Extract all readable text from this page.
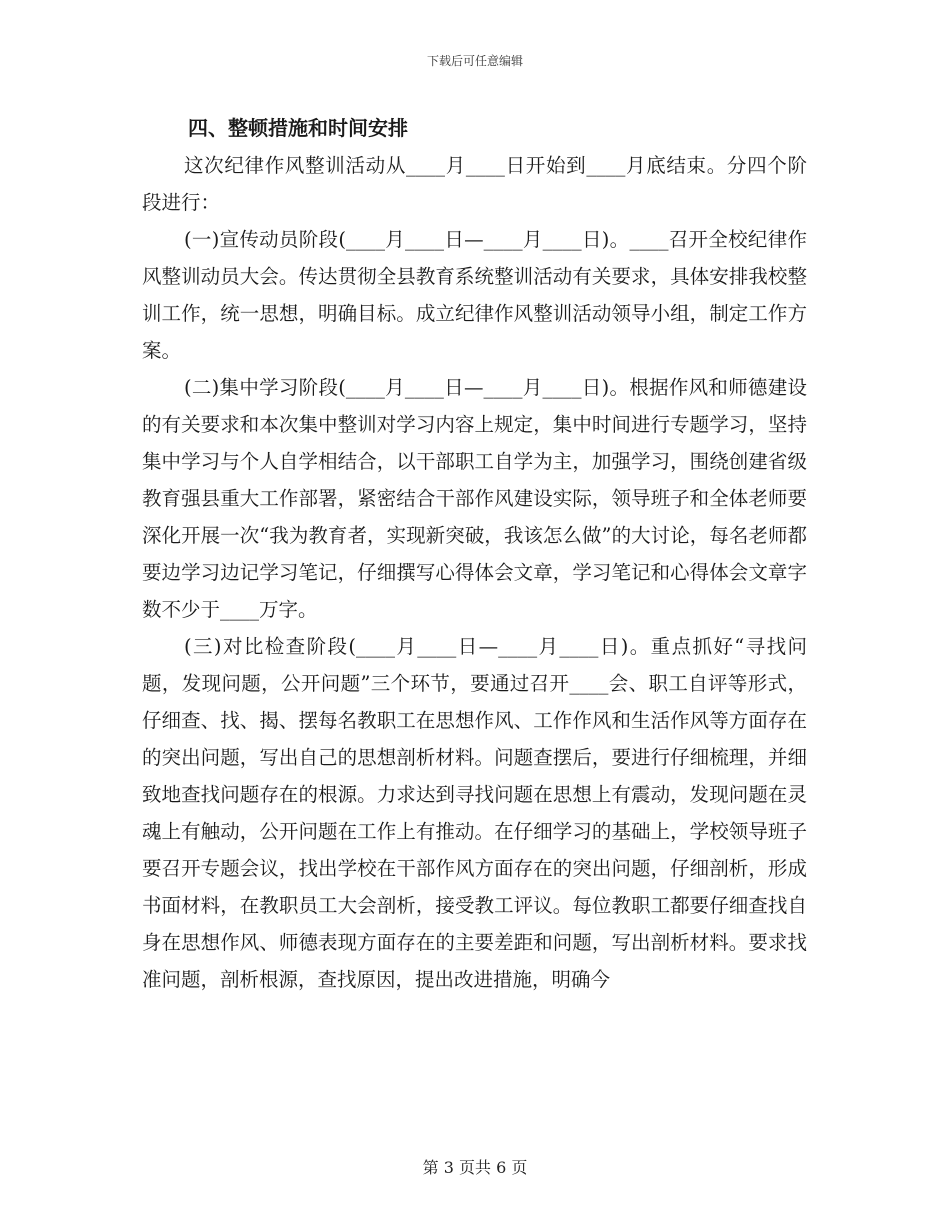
下载后可任意编辑

四、整顿措施和时间安排

这次纪律作风整训活动从____月____日开始到____月底结束。分四个阶段进行：

(一)宣传动员阶段(____月____日—____月____日)。____召开全校纪律作风整训动员大会。传达贯彻全县教育系统整训活动有关要求，具体安排我校整训工作，统一思想，明确目标。成立纪律作风整训活动领导小组，制定工作方案。

(二)集中学习阶段(____月____日—____月____日)。根据作风和师德建设的有关要求和本次集中整训对学习内容上规定，集中时间进行专题学习，坚持集中学习与个人自学相结合，以干部职工自学为主，加强学习，围绕创建省级教育强县重大工作部署，紧密结合干部作风建设实际，领导班子和全体老师要深化开展一次“我为教育者，实现新突破，我该怎么做”的大讨论，每名老师都要边学习边记学习笔记，仔细撰写心得体会文章，学习笔记和心得体会文章字数不少于____万字。

(三)对比检查阶段(____月____日—____月____日)。重点抓好“寻找问题，发现问题，公开问题”三个环节，要通过召开____会、职工自评等形式，仔细查、找、揭、摆每名教职工在思想作风、工作作风和生活作风等方面存在的突出问题，写出自己的思想剖析材料。问题查摆后，要进行仔细梳理，并细致地查找问题存在的根源。力求达到寻找问题在思想上有震动，发现问题在灵魂上有触动，公开问题在工作上有推动。在仔细学习的基础上，学校领导班子要召开专题会议，找出学校在干部作风方面存在的突出问题，仔细剖析，形成书面材料，在教职员工大会剖析，接受教工评议。每位教职工都要仔细查找自身在思想作风、师德表现方面存在的主要差距和问题，写出剖析材料。要求找准问题，剖析根源，查找原因，提出改进措施，明确今

第 3 页共 6 页
